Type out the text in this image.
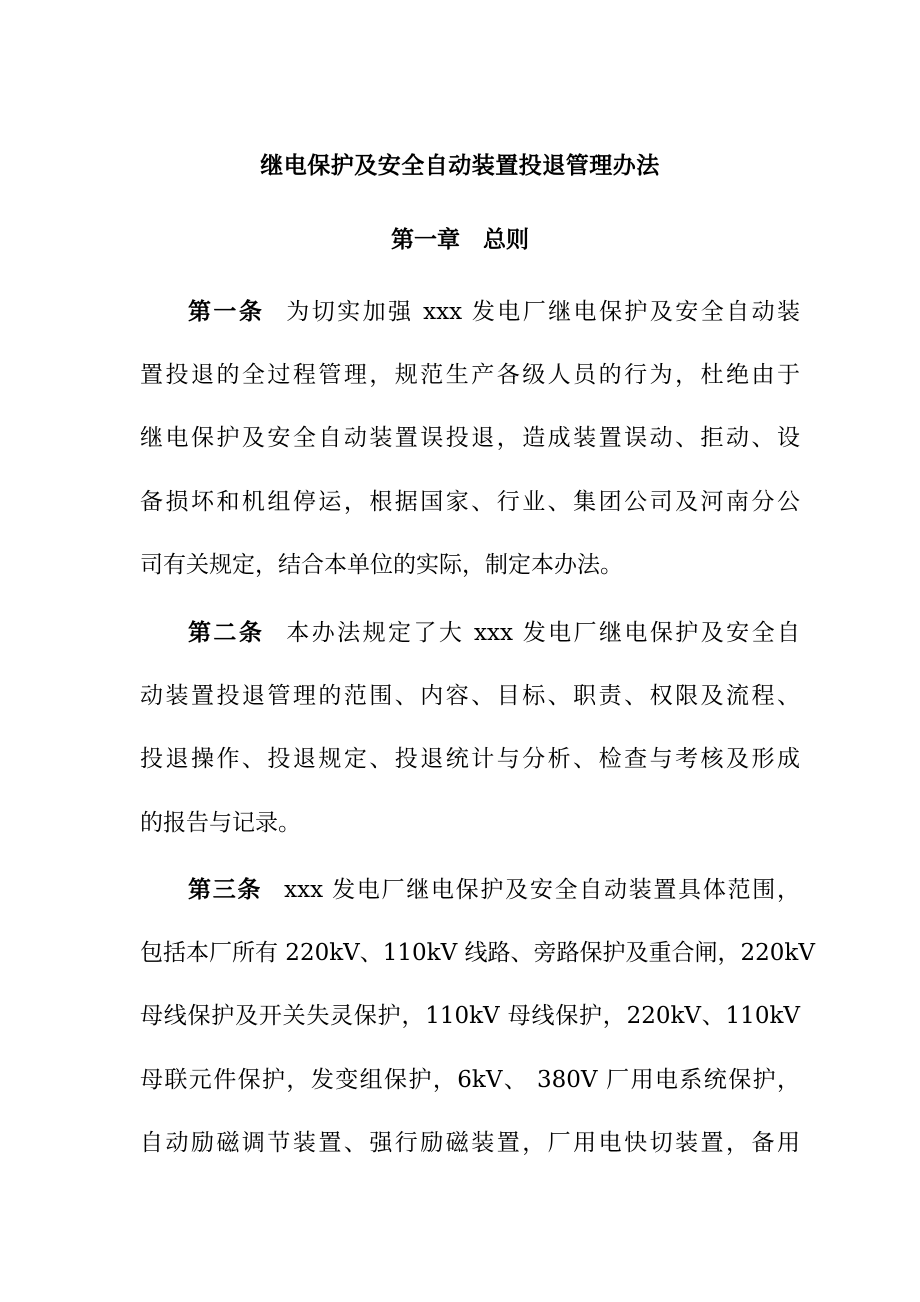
继电保护及安全自动装置投退管理办法
第一章　总则
第一条 为切实加强 xxx 发电厂继电保护及安全自动装
置投退的全过程管理，规范生产各级人员的行为，杜绝由于
继电保护及安全自动装置误投退，造成装置误动、拒动、设
备损坏和机组停运，根据国家、行业、集团公司及河南分公
司有关规定，结合本单位的实际，制定本办法。
第二条 本办法规定了大 xxx 发电厂继电保护及安全自
动装置投退管理的范围、内容、目标、职责、权限及流程、
投退操作、投退规定、投退统计与分析、检查与考核及形成
的报告与记录。
第三条 xxx 发电厂继电保护及安全自动装置具体范围，
包括本厂所有 220kV、110kV 线路、旁路保护及重合闸，220kV
母线保护及开关失灵保护，110kV 母线保护，220kV、110kV
母联元件保护，发变组保护，6kV、 380V 厂用电系统保护，
自动励磁调节装置、强行励磁装置，厂用电快切装置，备用
